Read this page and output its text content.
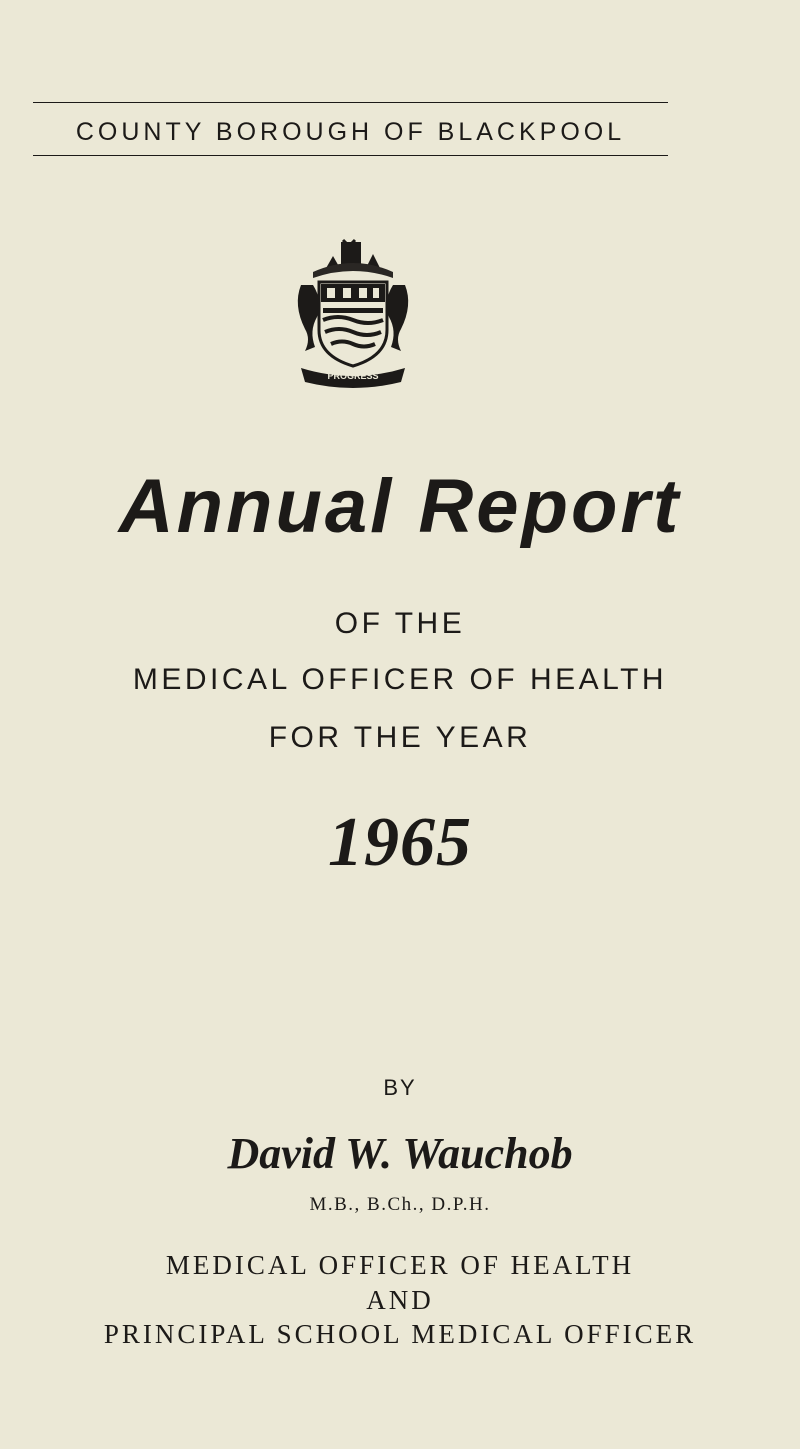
COUNTY BOROUGH OF BLACKPOOL
PROGRESS
Annual Report
OF THE
MEDICAL OFFICER OF HEALTH
FOR THE YEAR
1965
BY
David W. Wauchob
M.B., B.Ch., D.P.H.
MEDICAL OFFICER OF HEALTH
AND
PRINCIPAL SCHOOL MEDICAL OFFICER
